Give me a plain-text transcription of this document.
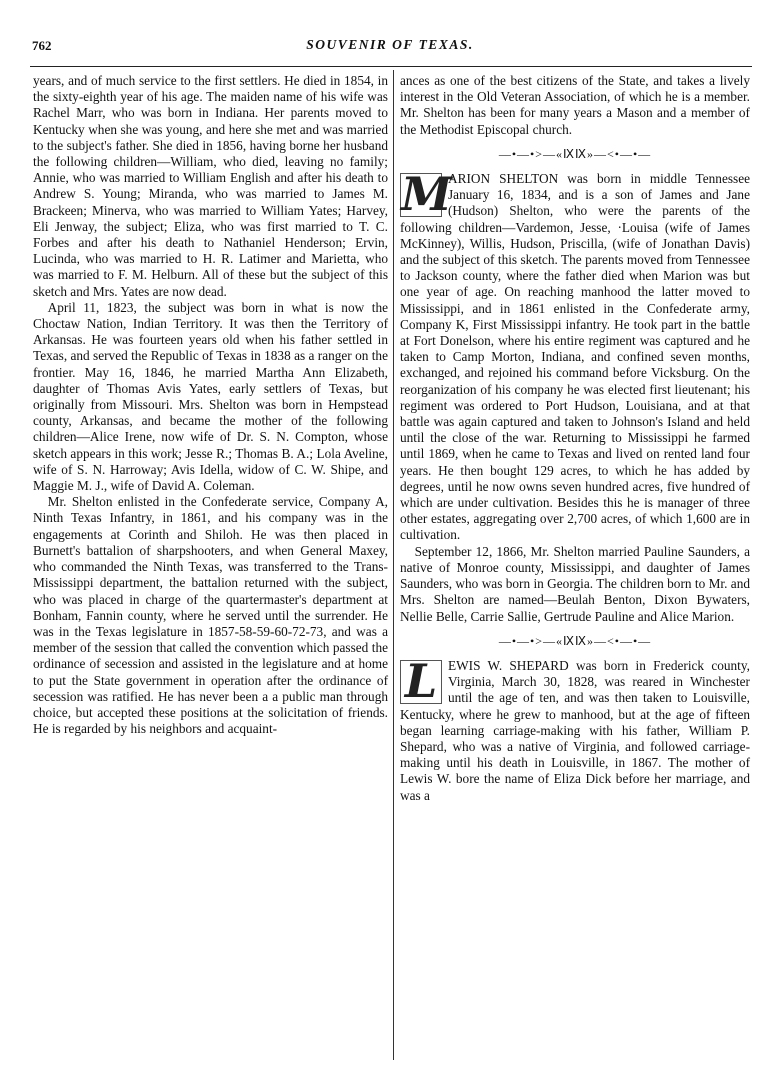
762	SOUVENIR OF TEXAS.

years, and of much service to the first settlers. He died in 1854, in the sixty-eighth year of his age. The maiden name of his wife was Rachel Marr, who was born in Indiana. Her parents moved to Kentucky when she was young, and here she met and was married to the subject's father. She died in 1856, having borne her husband the following children—William, who died, leaving no family; Annie, who was married to William English and after his death to Andrew S. Young; Miranda, who was married to James M. Brackeen; Minerva, who was married to William Yates; Harvey, Eli Jenway, the subject; Eliza, who was first married to T. C. Forbes and after his death to Nathaniel Henderson; Ervin, Lucinda, who was married to H. R. Latimer and Marietta, who was married to F. M. Helburn. All of these but the subject of this sketch and Mrs. Yates are now dead.

April 11, 1823, the subject was born in what is now the Choctaw Nation, Indian Territory. It was then the Territory of Arkansas. He was fourteen years old when his father settled in Texas, and served the Republic of Texas in 1838 as a ranger on the frontier. May 16, 1846, he married Martha Ann Elizabeth, daughter of Thomas Avis Yates, early settlers of Texas, but originally from Missouri. Mrs. Shelton was born in Hempstead county, Arkansas, and became the mother of the following children—Alice Irene, now wife of Dr. S. N. Compton, whose sketch appears in this work; Jesse R.; Thomas B. A.; Lola Aveline, wife of S. N. Harroway; Avis Idella, widow of C. W. Shipe, and Maggie M. J., wife of David A. Coleman.

Mr. Shelton enlisted in the Confederate service, Company A, Ninth Texas Infantry, in 1861, and his company was in the engagements at Corinth and Shiloh. He was then placed in Burnett's battalion of sharpshooters, and when General Maxey, who commanded the Ninth Texas, was transferred to the Trans-Mississippi department, the battalion returned with the subject, who was placed in charge of the quartermaster's department at Bonham, Fannin county, where he served until the surrender. He was in the Texas legislature in 1857-58-59-60-72-73, and was a member of the session that called the convention which passed the ordinance of secession and assisted in the legislature and at home to put the State government in operation after the ordinance of secession was ratified. He has never been a a public man through choice, but accepted these positions at the solicitation of friends. He is regarded by his neighbors and acquaint-

ances as one of the best citizens of the State, and takes a lively interest in the Old Veteran Association, of which he is a member. Mr. Shelton has been for many years a Mason and a member of the Methodist Episcopal church.

—•—•>—«ⅨⅨ»—<•—•—

M
ARION SHELTON was born in middle Tennessee January 16, 1834, and is a son of James and Jane (Hudson) Shelton, who were the parents of the following children—Vardemon, Jesse, ·Louisa (wife of James McKinney), Willis, Hudson, Priscilla, (wife of Jonathan Davis) and the subject of this sketch. The parents moved from Tennessee to Jackson county, where the father died when Marion was but one year of age. On reaching manhood the latter moved to Mississippi, and in 1861 enlisted in the Confederate army, Company K, First Mississippi infantry. He took part in the battle at Fort Donelson, where his entire regiment was captured and he taken to Camp Morton, Indiana, and confined seven months, exchanged, and rejoined his command before Vicksburg. On the reorganization of his company he was elected first lieutenant; his regiment was ordered to Port Hudson, Louisiana, and at that battle was again captured and taken to Johnson's Island and held until the close of the war. Returning to Mississippi he farmed until 1869, when he came to Texas and lived on rented land four years. He then bought 129 acres, to which he has added by degrees, until he now owns seven hundred acres, five hundred of which are under cultivation. Besides this he is manager of three other estates, aggregating over 2,700 acres, of which 1,600 are in cultivation.

September 12, 1866, Mr. Shelton married Pauline Saunders, a native of Monroe county, Mississippi, and daughter of James Saunders, who was born in Georgia. The children born to Mr. and Mrs. Shelton are named—Beulah Benton, Dixon Bywaters, Nellie Belle, Carrie Sallie, Gertrude Pauline and Alice Marion.

—•—•>—«ⅨⅨ»—<•—•—

L EWIS W. SHEPARD was born in Frederick county, Virginia, March 30, 1828, was reared in Winchester until the age of ten, and was then taken to Louisville, Kentucky, where he grew to manhood, but at the age of fifteen began learning carriage-making with his father, William P. Shepard, who was a native of Virginia, and followed carriage-making until his death in Louisville, in 1867. The mother of Lewis W. bore the name of Eliza Dick before her marriage, and was a
